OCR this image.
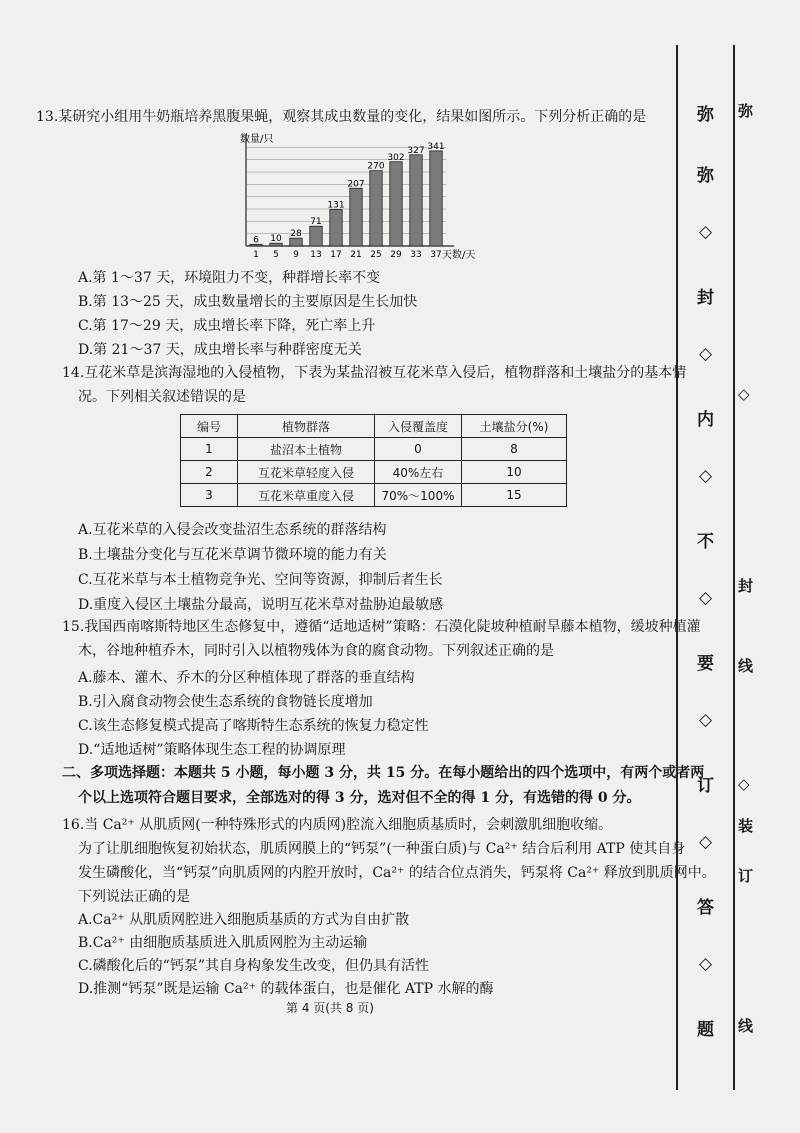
13.某研究小组用牛奶瓶培养黑腹果蝇，观察其成虫数量的变化，结果如图所示。下列分析正确的是
数量/只
天数/天
6
1
10
5
28
9
71
13
131
17
207
21
270
25
302
29
327
33
341
37
A.第 1～37 天，环境阻力不变，种群增长率不变
B.第 13～25 天，成虫数量增长的主要原因是生长加快
C.第 17～29 天，成虫增长率下降，死亡率上升
D.第 21～37 天，成虫增长率与种群密度无关
14.互花米草是滨海湿地的入侵植物，下表为某盐沼被互花米草入侵后，植物群落和土壤盐分的基本情
况。下列相关叙述错误的是
编号	植物群落	入侵覆盖度	土壤盐分(%)
1	盐沼本土植物	0	8
2	互花米草轻度入侵	40%左右	10
3	互花米草重度入侵	70%～100%	15
A.互花米草的入侵会改变盐沼生态系统的群落结构
B.土壤盐分变化与互花米草调节微环境的能力有关
C.互花米草与本土植物竞争光、空间等资源，抑制后者生长
D.重度入侵区土壤盐分最高，说明互花米草对盐胁迫最敏感
15.我国西南喀斯特地区生态修复中，遵循“适地适树”策略：石漠化陡坡种植耐旱藤本植物，缓坡种植灌
木，谷地种植乔木，同时引入以植物残体为食的腐食动物。下列叙述正确的是
A.藤本、灌木、乔木的分区种植体现了群落的垂直结构
B.引入腐食动物会使生态系统的食物链长度增加
C.该生态修复模式提高了喀斯特生态系统的恢复力稳定性
D.“适地适树”策略体现生态工程的协调原理
二、多项选择题：本题共 5 小题，每小题 3 分，共 15 分。在每小题给出的四个选项中，有两个或者两
个以上选项符合题目要求，全部选对的得 3 分，选对但不全的得 1 分，有选错的得 0 分。
16.当 Ca²⁺ 从肌质网(一种特殊形式的内质网)腔流入细胞质基质时，会刺激肌细胞收缩。
为了让肌细胞恢复初始状态，肌质网膜上的“钙泵”(一种蛋白质)与 Ca²⁺ 结合后利用 ATP 使其自身
发生磷酸化，当“钙泵”向肌质网的内腔开放时，Ca²⁺ 的结合位点消失，钙泵将 Ca²⁺ 释放到肌质网中。
下列说法正确的是
A.Ca²⁺ 从肌质网腔进入细胞质基质的方式为自由扩散
B.Ca²⁺ 由细胞质基质进入肌质网腔为主动运输
C.磷酸化后的“钙泵”其自身构象发生改变，但仍具有活性
D.推测“钙泵”既是运输 Ca²⁺ 的载体蛋白，也是催化 ATP 水解的酶
第 4 页(共 8 页)
弥
弥
◇
封
◇
内
◇
不
◇
要
◇
订
◇
答
◇
题
弥
◇
封
线
◇
装
订
线
